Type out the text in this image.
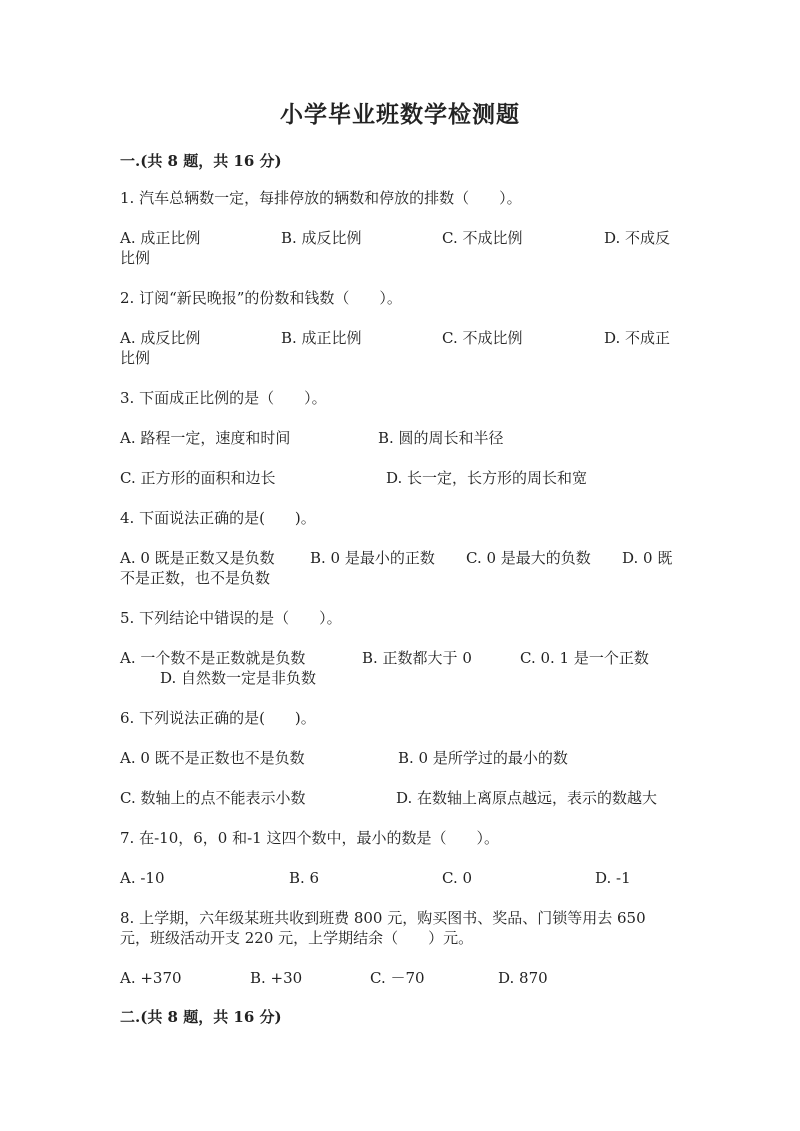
小学毕业班数学检测题
一.(共 8 题，共 16 分)
1. 汽车总辆数一定，每排停放的辆数和停放的排数（　　）。
A. 成正比例	B. 成反比例	C. 不成比例	D. 不成反
比例
2. 订阅“新民晚报”的份数和钱数（　　）。
A. 成反比例	B. 成正比例	C. 不成比例	D. 不成正
比例
3. 下面成正比例的是（　　）。
A. 路程一定，速度和时间	B. 圆的周长和半径
C. 正方形的面积和边长	D. 长一定，长方形的周长和宽
4. 下面说法正确的是(　　)。
A. 0 既是正数又是负数 B. 0 是最小的正数 C. 0 是最大的负数 D. 0 既
不是正数，也不是负数
5. 下列结论中错误的是（　　）。
A. 一个数不是正数就是负数	B. 正数都大于 0	C. 0. 1 是一个正数
D. 自然数一定是非负数
6. 下列说法正确的是(　　)。
A. 0 既不是正数也不是负数	B. 0 是所学过的最小的数
C. 数轴上的点不能表示小数	D. 在数轴上离原点越远，表示的数越大
7. 在-10，6，0 和-1 这四个数中，最小的数是（　　）。
A. -10	B. 6	C. 0	D. -1
8. 上学期，六年级某班共收到班费 800 元，购买图书、奖品、门锁等用去 650
元，班级活动开支 220 元，上学期结余（　　）元。
A. +370	B. +30	C. －70	D. 870
二.(共 8 题，共 16 分)
